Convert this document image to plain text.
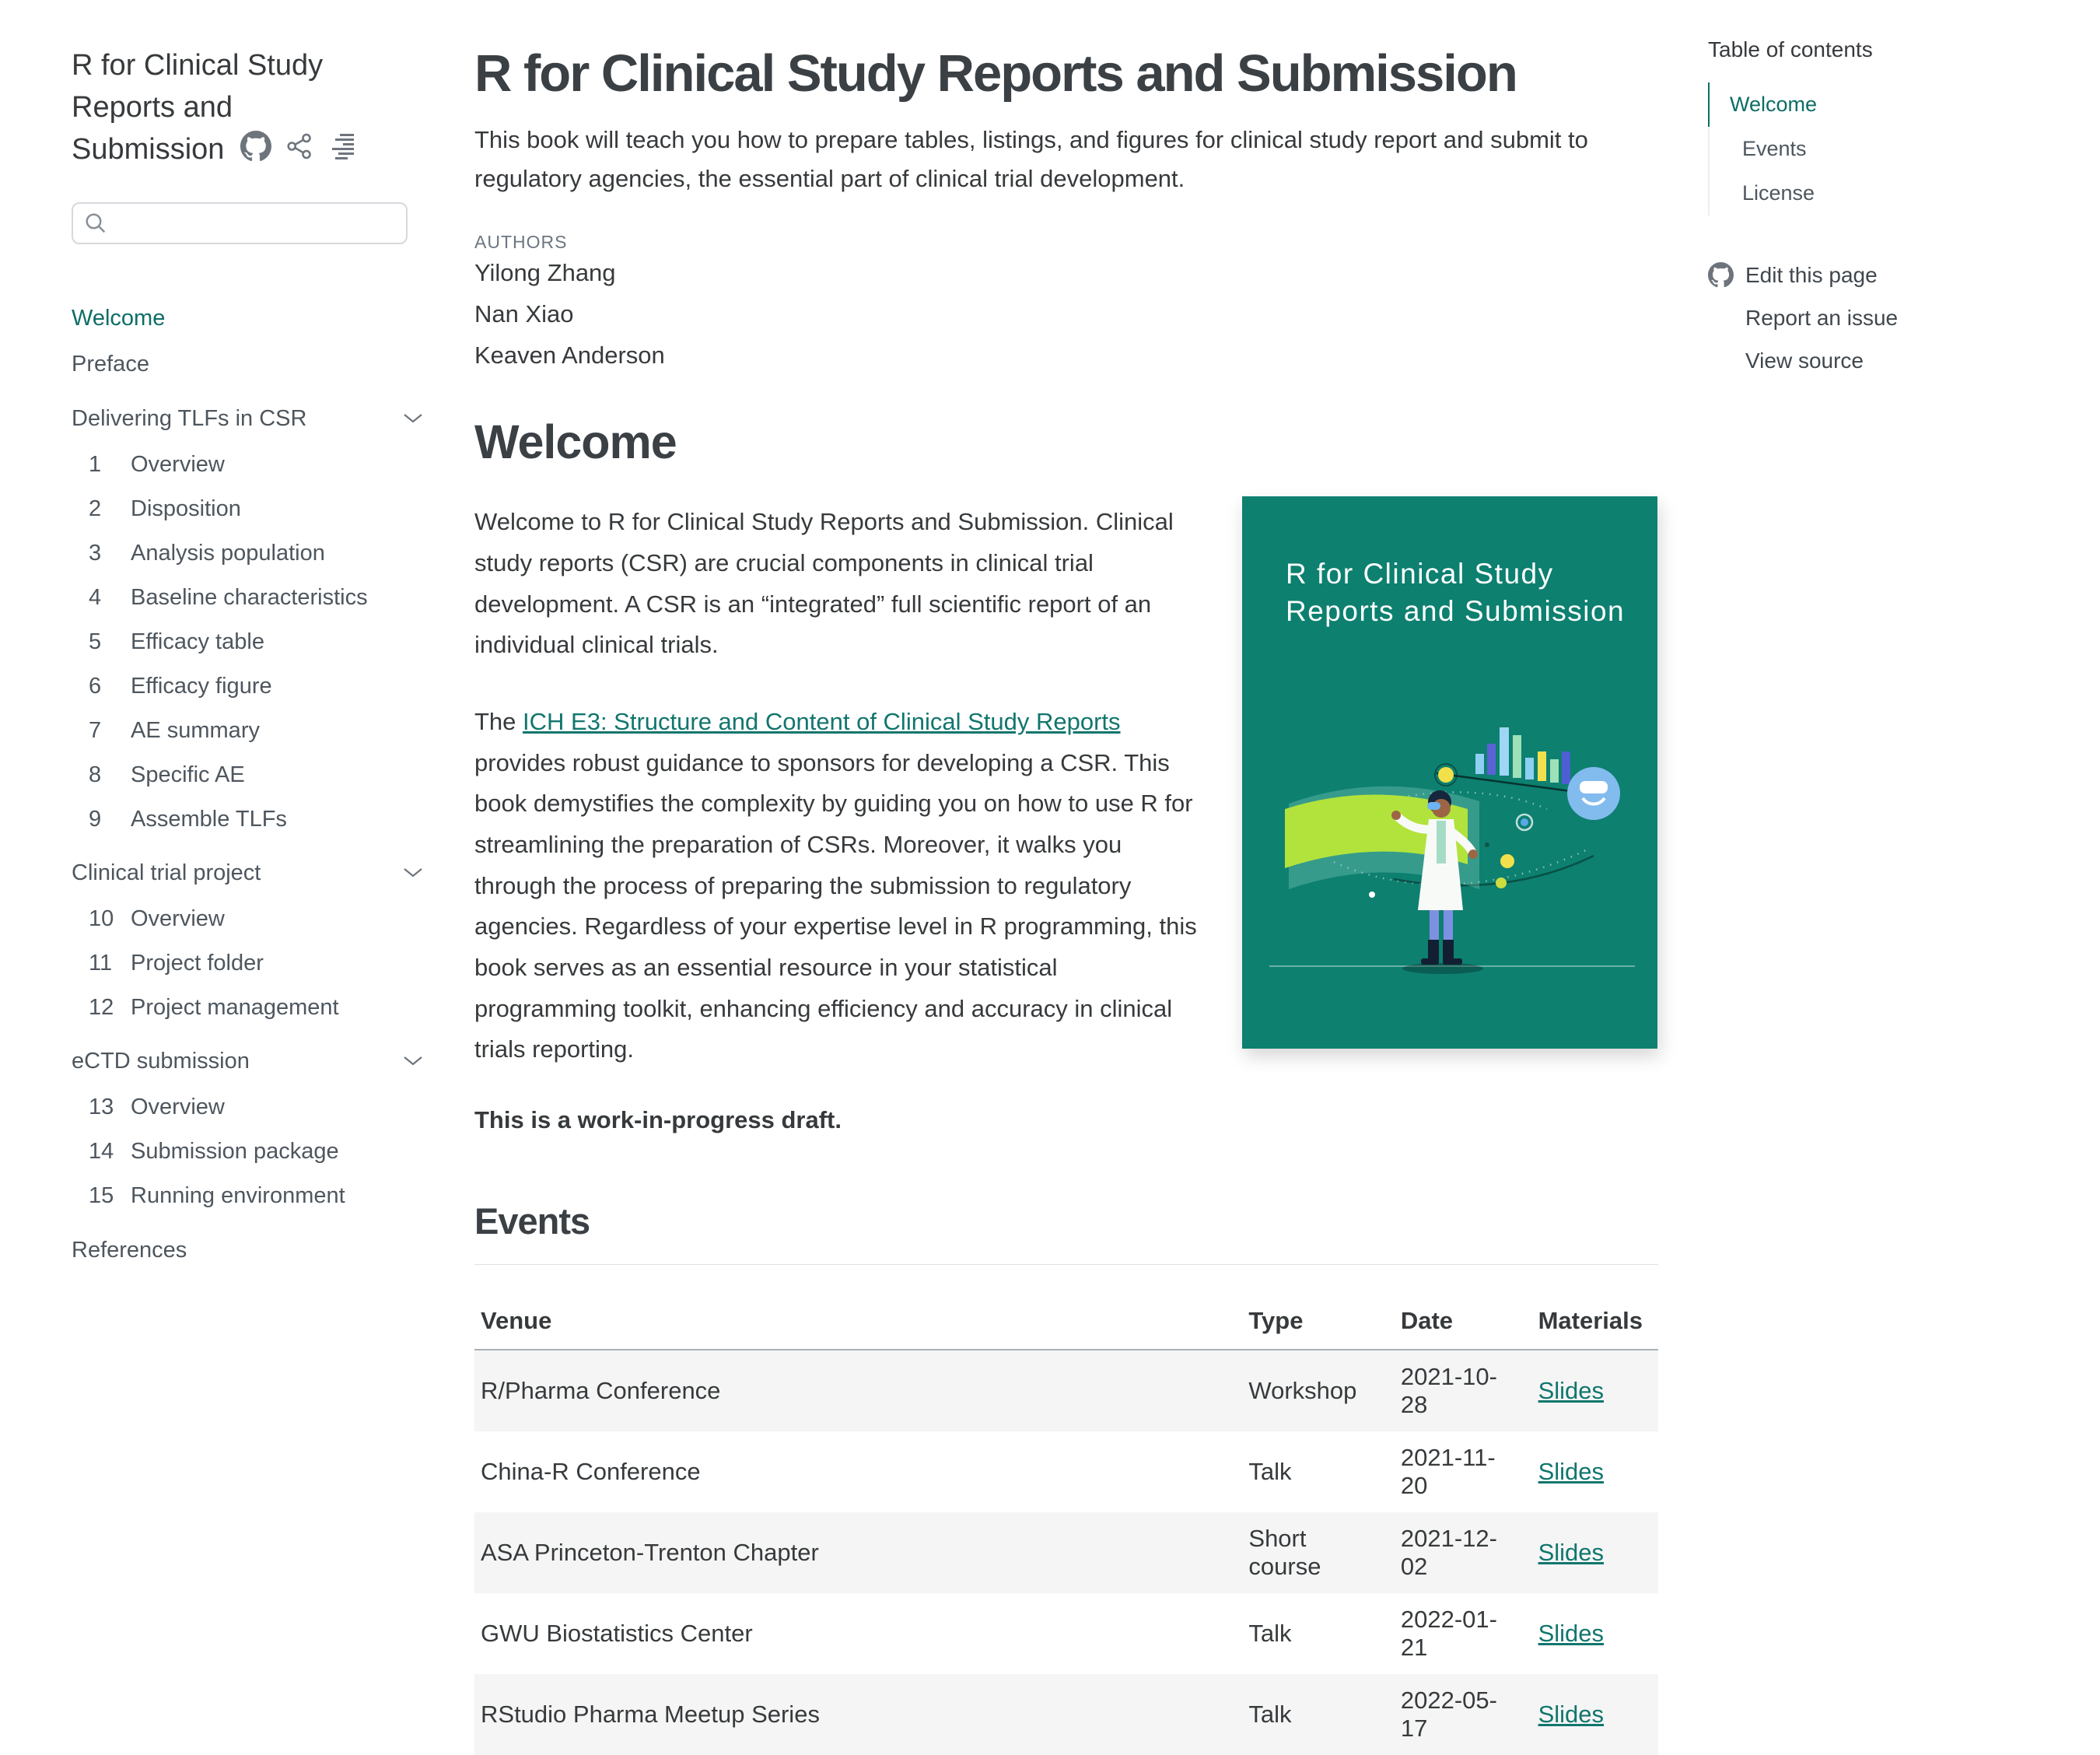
R for Clinical Study Reports and Submission
Welcome
Preface
Delivering TLFs in CSR
1	Overview
2	Disposition
3	Analysis population
4	Baseline characteristics
5	Efficacy table
6	Efficacy figure
7	AE summary
8	Specific AE
9	Assemble TLFs
Clinical trial project
10 Overview
11 Project folder
12 Project management
eCTD submission
13 Overview
14 Submission package
15 Running environment
References
R for Clinical Study Reports and Submission

This book will teach you how to prepare tables, listings, and figures for clinical study report and submit to regulatory agencies, the essential part of clinical trial development.

AUTHORS

Yilong Zhang

Nan Xiao

Keaven Anderson

Welcome

Welcome to R for Clinical Study Reports and Submission. Clinical study reports (CSR) are crucial components in clinical trial development. A CSR is an “integrated” full scientific report of an individual clinical trials.

The ICH E3: Structure and Content of Clinical Study Reports provides robust guidance to sponsors for developing a CSR. This book demystifies the complexity by guiding you on how to use R for streamlining the preparation of CSRs. Moreover, it walks you through the process of preparing the submission to regulatory agencies. Regardless of your expertise level in R programming, this book serves as an essential resource in your statistical programming toolkit, enhancing efficiency and accuracy in clinical trials reporting.

This is a work-in-progress draft.

Events
Venue	Type	Date	Materials
R/Pharma Conference	Workshop	2021-10-28	Slides
China-R Conference	Talk	2021-11-20	Slides
ASA Princeton-Trenton Chapter	Short course	2021-12-02	Slides
GWU Biostatistics Center	Talk	2022-01-21	Slides
RStudio Pharma Meetup Series	Talk	2022-05-17	Slides
R for Clinical Study
Reports and Submission

Table of contents

Welcome
Events
License
Edit this page
Report an issue
View source
